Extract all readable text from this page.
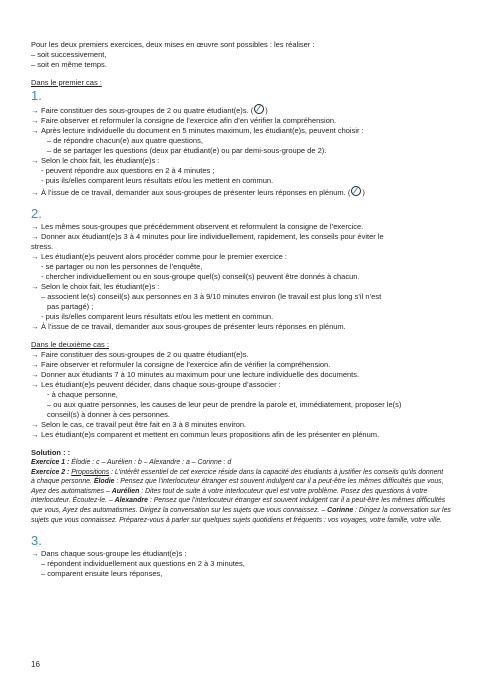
Pour les deux premiers exercices, deux mises en œuvre sont possibles : les réaliser :

– soit successivement,

– soit en même temps.

Dans le premier cas :

1.

→ Faire constituer des sous-groupes de 2 ou quatre étudiant(e)s. ( )

→ Faire observer et reformuler la consigne de l’exercice afin d’en vérifier la compréhension.

→ Après lecture individuelle du document en 5 minutes maximum, les étudiant(e)s, peuvent choisir :

– de répondre chacun(e) aux quatre questions,

– de se partager les questions (deux par étudiant(e) ou par demi-sous-groupe de 2).

→ Selon le choix fait, les étudiant(e)s :

- peuvent répondre aux questions en 2 à 4 minutes ;

- puis ils/elles comparent leurs résultats et/ou les mettent en commun.

→ À l’issue de ce travail, demander aux sous-groupes de présenter leurs réponses en plénum. ( )

2.

→ Les mêmes sous-groupes que précédemment observent et reformulent la consigne de l’exercice.

→ Donner aux étudiant(e)s 3 à 4 minutes pour lire individuellement, rapidement, les conseils pour éviter le

stress.

→ Les étudiant(e)s peuvent alors procéder comme pour le premier exercice :

- se partager ou non les personnes de l’enquête,

- chercher individuellement ou en sous-groupe quel(s) conseil(s) peuvent être donnés à chacun.

→ Selon le choix fait, les étudiant(e)s :

– associent le(s) conseil(s) aux personnes en 3 à 9/10 minutes environ (le travail est plus long s’il n’est

pas partagé) ;

- puis ils/elles comparent leurs résultats et/ou les mettent en commun.

→ À l’issue de ce travail, demander aux sous-groupes de présenter leurs réponses en plénum.

Dans le deuxième cas :

→ Faire constituer des sous-groupes de 2 ou quatre étudiant(e)s.

→ Faire observer et reformuler la consigne de l’exercice afin de vérifier la compréhension.

→ Donner aux étudiants 7 à 10 minutes au maximum pour une lecture individuelle des documents.

→ Les étudiant(e)s peuvent décider, dans chaque sous-groupe d’associer :

- à chaque personne,

– ou aux quatre personnes, les causes de leur peur de prendre la parole et, immédiatement, proposer le(s)

conseil(s) à donner à ces personnes.

→ Selon le cas, ce travail peut être fait en 3 à 8 minutes environ.

→ Les étudiant(e)s comparent et mettent en commun leurs propositions afin de les présenter en plénum.

Solution : :

Exercice 1 : Élodie : c – Aurélien : b – Alexandre : a – Corinne : d

Exercice 2 : Propositions : L’intérêt essentiel de cet exercice réside dans la capacité des étudiants à justifier les conseils qu’ils donnent

à chaque personne. Élodie : Pensez que l’interlocuteur étranger est souvent indulgent car il a peut-être les mêmes difficultés que vous,

Ayez des automatismes – Aurélien : Dites tout de suite à votre interlocuteur quel est votre problème. Posez des questions à votre

interlocuteur. Écoutez-le. – Alexandre : Pensez que l’interlocuteur étranger est souvent indulgent car il a peut-être les mêmes difficultés

que vous, Ayez des automatismes. Dirigez la conversation sur les sujets que vous connaissez. – Corinne : Dirigez la conversation sur les

sujets que vous connaissez. Préparez-vous à parler sur quelques sujets quotidiens et fréquents : vos voyages, votre famille, votre ville.

3.

→ Dans chaque sous-groupe les étudiant(e)s :

– répondent individuellement aux questions en 2 à 3 minutes,

– comparent ensuite leurs réponses,

16
